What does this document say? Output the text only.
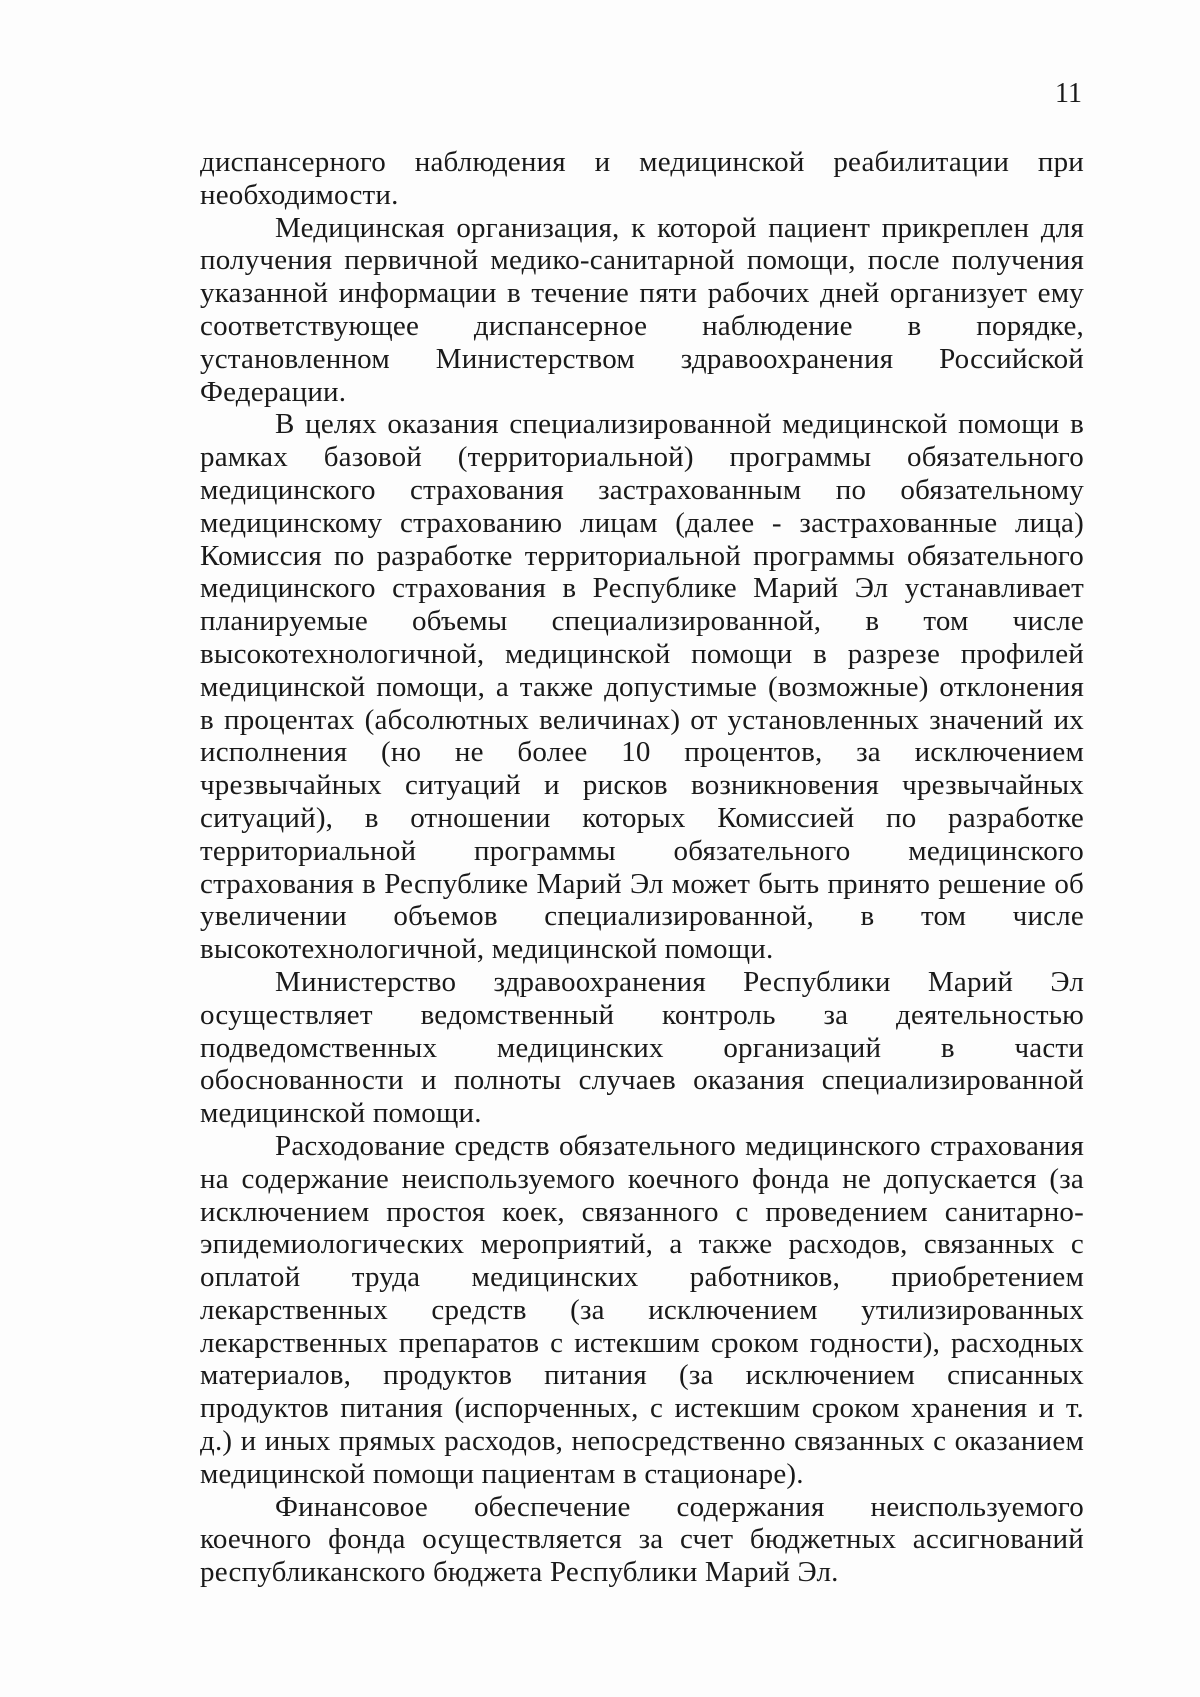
11

диспансерного наблюдения и медицинской реабилитации при необходимости.

Медицинская организация, к которой пациент прикреплен для получения первичной медико-санитарной помощи, после получения указанной информации в течение пяти рабочих дней организует ему соответствующее диспансерное наблюдение в порядке, установленном Министерством здравоохранения Российской Федерации.

В целях оказания специализированной медицинской помощи в рамках базовой (территориальной) программы обязательного медицинского страхования застрахованным по обязательному медицинскому страхованию лицам (далее - застрахованные лица) Комиссия по разработке территориальной программы обязательного медицинского страхования в Республике Марий Эл устанавливает планируемые объемы специализированной, в том числе высокотехнологичной, медицинской помощи в разрезе профилей медицинской помощи, а также допустимые (возможные) отклонения в процентах (абсолютных величинах) от установленных значений их исполнения (но не более 10 процентов, за исключением чрезвычайных ситуаций и рисков возникновения чрезвычайных ситуаций), в отношении которых Комиссией по разработке территориальной программы обязательного медицинского страхования в Республике Марий Эл может быть принято решение об увеличении объемов специализированной, в том числе высокотехнологичной, медицинской помощи.

Министерство здравоохранения Республики Марий Эл осуществляет ведомственный контроль за деятельностью подведомственных медицинских организаций в части обоснованности и полноты случаев оказания специализированной медицинской помощи.

Расходование средств обязательного медицинского страхования на содержание неиспользуемого коечного фонда не допускается (за исключением простоя коек, связанного с проведением санитарно-эпидемиологических мероприятий, а также расходов, связанных с оплатой труда медицинских работников, приобретением лекарственных средств (за исключением утилизированных лекарственных препаратов с истекшим сроком годности), расходных материалов, продуктов питания (за исключением списанных продуктов питания (испорченных, с истекшим сроком хранения и т. д.) и иных прямых расходов, непосредственно связанных с оказанием медицинской помощи пациентам в стационаре).

Финансовое обеспечение содержания неиспользуемого коечного фонда осуществляется за счет бюджетных ассигнований республиканского бюджета Республики Марий Эл.
